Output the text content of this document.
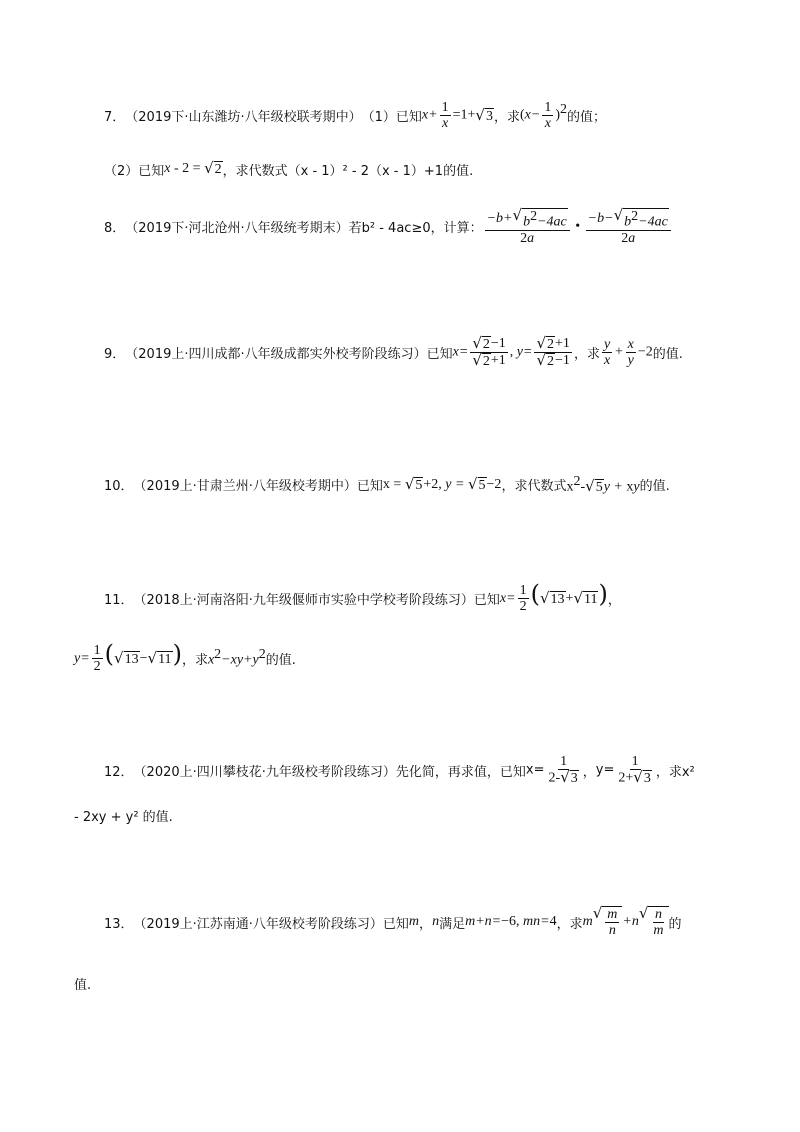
7． （2019下·山东潍坊·八年级校联考期中） （1）已知 $x+ \frac{1}{x} =1+$ √ 3 ，求 $(x- \frac{1}{x} )^2$
的值；
（2）已知 x - 2 = √ 2 ，求代数式（x - 1）² - 2（x - 1）+1的值.
8． （2019下·河北沧州·八年级统考期末） 若b² - 4ac≥0，计算： $\frac{-b+ √ b^2-4ac}{2a}$ • $\frac{-b- √ b^2-4ac}{2a}$
9． （2019上·四川成都·八年级成都实外校考阶段练习） 已知 $x= \frac{√ 2 -1}{√ 2 +1}$ , $y= \frac{√ 2 +1}{√ 2 -1}$ ，求 $\frac{y}{x} + \frac{x}{y} -2$ 的值.
10． （2019上·甘肃兰州·八年级校考期中） 已知 x = √ 5 +2, y = √ 5 −2 ，求代数式 $x^2-$ √ 5 y + xy 的值.
11． （2018上·河南洛阳·九年级偃师市实验中学校考阶段练习） 已知 $x= \frac{1}{2}$ ( √ 13 + √ 11 ) ，
$y= \frac{1}{2}$ ( √ 13 − √ 11 ) ，求 $x^2-xy+y^2$ 的值.
12． （2020上·四川攀枝花·九年级校考阶段练习） 先化简，再求值，已知 $x= \frac{1}{2- √ 3}$ ， $y= \frac{1}{2+ √ 3}$ ，求x²
- 2xy + y² 的值.
13． （2019上·江苏南通·八年级校考阶段练习） 已知 m ， n 满足 m+n=−6, mn=4 ，求 m √ $\frac{m}{n} +n$ √ $\frac{n}{m}$ 的
值.
